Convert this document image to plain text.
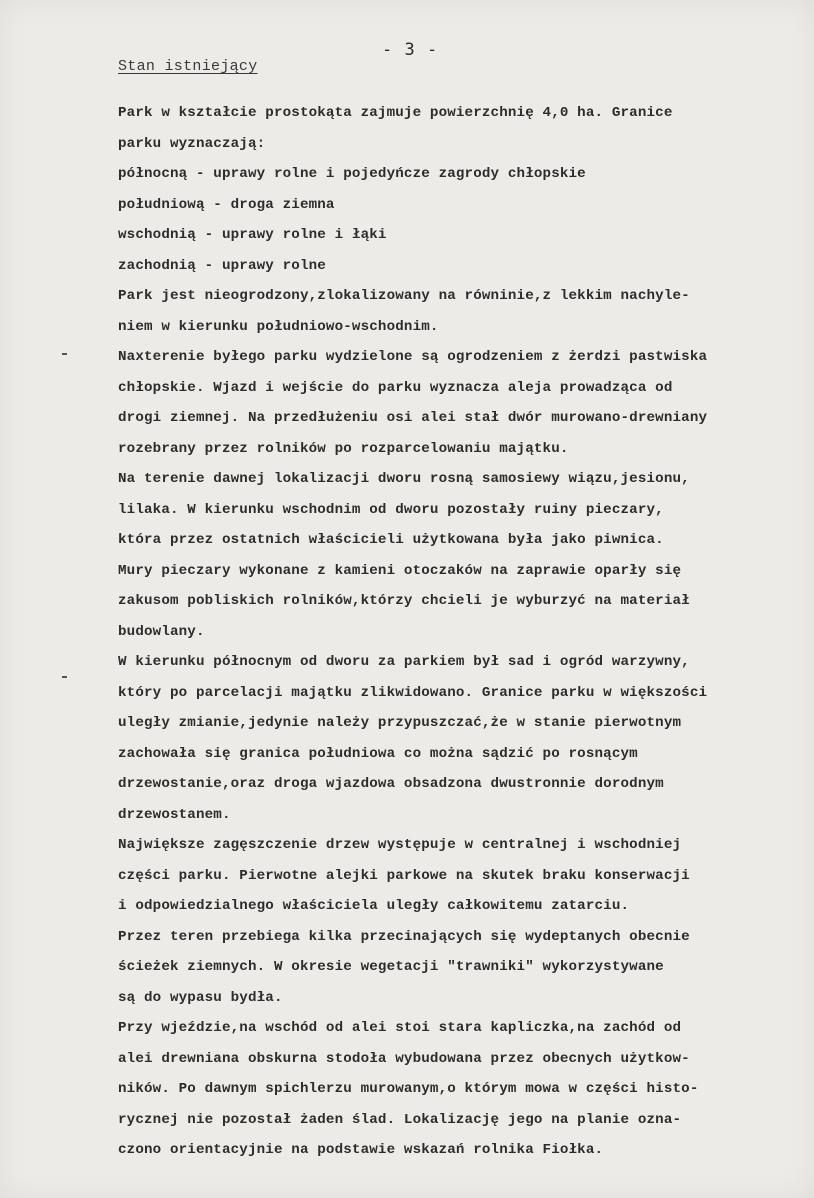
- 3 -
Stan istniejący
Park w kształcie prostokąta zajmuje powierzchnię 4,0 ha. Granice
parku wyznaczają:
północną - uprawy rolne i pojedyńcze zagrody chłopskie
południową - droga ziemna
wschodnią - uprawy rolne i łąki
zachodnią - uprawy rolne
Park jest nieogrodzony,zlokalizowany na równinie,z lekkim nachyle-
niem w kierunku południowo-wschodnim.
Naxterenie byłego parku wydzielone są ogrodzeniem z żerdzi pastwiska
chłopskie. Wjazd i wejście do parku wyznacza aleja prowadząca od
drogi ziemnej. Na przedłużeniu osi alei stał dwór murowano-drewniany
rozebrany przez rolników po rozparcelowaniu majątku.
Na terenie dawnej lokalizacji dworu rosną samosiewy wiązu,jesionu,
lilaka. W kierunku wschodnim od dworu pozostały ruiny pieczary,
która przez ostatnich właścicieli użytkowana była jako piwnica.
Mury pieczary wykonane z kamieni otoczaków na zaprawie oparły się
zakusom pobliskich rolników,którzy chcieli je wyburzyć na materiał
budowlany.
W kierunku północnym od dworu za parkiem był sad i ogród warzywny,
który po parcelacji majątku zlikwidowano. Granice parku w większości
uległy zmianie,jedynie należy przypuszczać,że w stanie pierwotnym
zachowała się granica południowa co można sądzić po rosnącym
drzewostanie,oraz droga wjazdowa obsadzona dwustronnie dorodnym
drzewostanem.
Największe zagęszczenie drzew występuje w centralnej i wschodniej
części parku. Pierwotne alejki parkowe na skutek braku konserwacji
i odpowiedzialnego właściciela uległy całkowitemu zatarciu.
Przez teren przebiega kilka przecinających się wydeptanych obecnie
ścieżek ziemnych. W okresie wegetacji "trawniki" wykorzystywane
są do wypasu bydła.
Przy wjeździe,na wschód od alei stoi stara kapliczka,na zachód od
alei drewniana obskurna stodoła wybudowana przez obecnych użytkow-
ników. Po dawnym spichlerzu murowanym,o którym mowa w części histo-
rycznej nie pozostał żaden ślad. Lokalizację jego na planie ozna-
czono orientacyjnie na podstawie wskazań rolnika Fiołka.
